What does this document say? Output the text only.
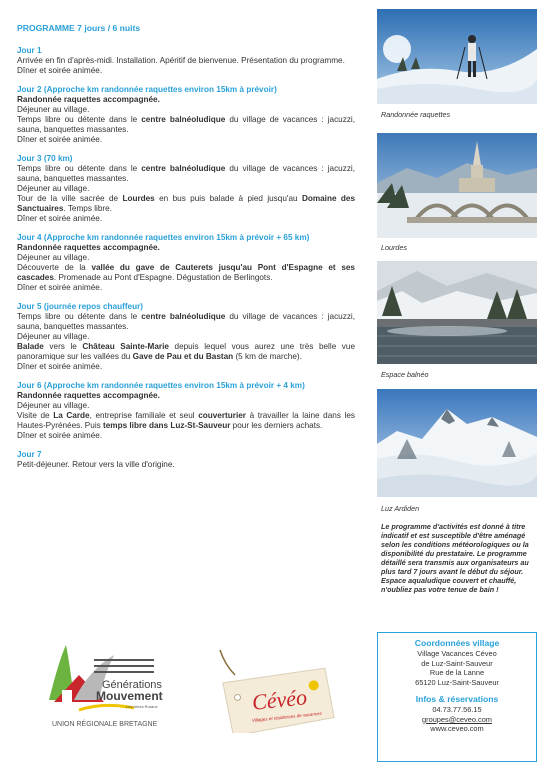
PROGRAMME 7 jours / 6 nuits
Jour 1

Arrivée en fin d'après-midi. Installation. Apéritif de bienvenue. Présentation du programme.

Dîner et soirée animée.

Jour 2 (Approche km randonnée raquettes environ 15km à prévoir)

Randonnée raquettes accompagnée.

Déjeuner au village.

Temps libre ou détente dans le centre balnéoludique du village de vacances : jacuzzi, sauna, banquettes massantes.

Dîner et soirée animée.

Jour 3 (70 km)

Temps libre ou détente dans le centre balnéoludique du village de vacances : jacuzzi, sauna, banquettes massantes.

Déjeuner au village.

Tour de la ville sacrée de Lourdes en bus puis balade à pied jusqu'au Domaine des Sanctuaires. Temps libre.

Dîner et soirée animée.

Jour 4 (Approche km randonnée raquettes environ 15km à prévoir + 65 km)

Randonnée raquettes accompagnée.

Déjeuner au village.

Découverte de la vallée du gave de Cauterets jusqu'au Pont d'Espagne et ses cascades. Promenade au Pont d'Espagne. Dégustation de Berlingots.

Dîner et soirée animée.

Jour 5 (journée repos chauffeur)

Temps libre ou détente dans le centre balnéoludique du village de vacances : jacuzzi, sauna, banquettes massantes.

Déjeuner au village.

Balade vers le Château Sainte-Marie depuis lequel vous aurez une très belle vue panoramique sur les vallées du Gave de Pau et du Bastan (5 km de marche).

Dîner et soirée animée.

Jour 6 (Approche km randonnée raquettes environ 15km à prévoir + 4 km)

Randonnée raquettes accompagnée.

Déjeuner au village.

Visite de La Carde, entreprise familiale et seul couverturier à travailler la laine dans les Hautes-Pyrénées. Puis temps libre dans Luz-St-Sauveur pour les derniers achats.

Dîner et soirée animée.

Jour 7

Petit-déjeuner. Retour vers la ville d'origine.

Randonnée raquettes
Lourdes
Espace balnéo
Luz Ardiden
Le programme d'activités est donné à titre indicatif et est susceptible d'être aménagé selon les conditions météorologiques ou la disponibilité du prestataire. Le programme détaillé sera transmis aux organisateurs au plus tard 7 jours avant le début du séjour. Espace aqualudique couvert et chauffé, n'oubliez pas votre tenue de bain !
Coordonnées village
Village Vacances Céveo
de Luz-Saint-Sauveur
Rue de la Lanne
65120 Luz-Saint-Sauveur
Infos & réservations
04.73.77.56.15
groupes@ceveo.com
www.ceveo.com
Générations
Mouvement
Les Aînés Ruraux
UNION RÉGIONALE BRETAGNE
Cévéo
Villages et résidences de vacances
